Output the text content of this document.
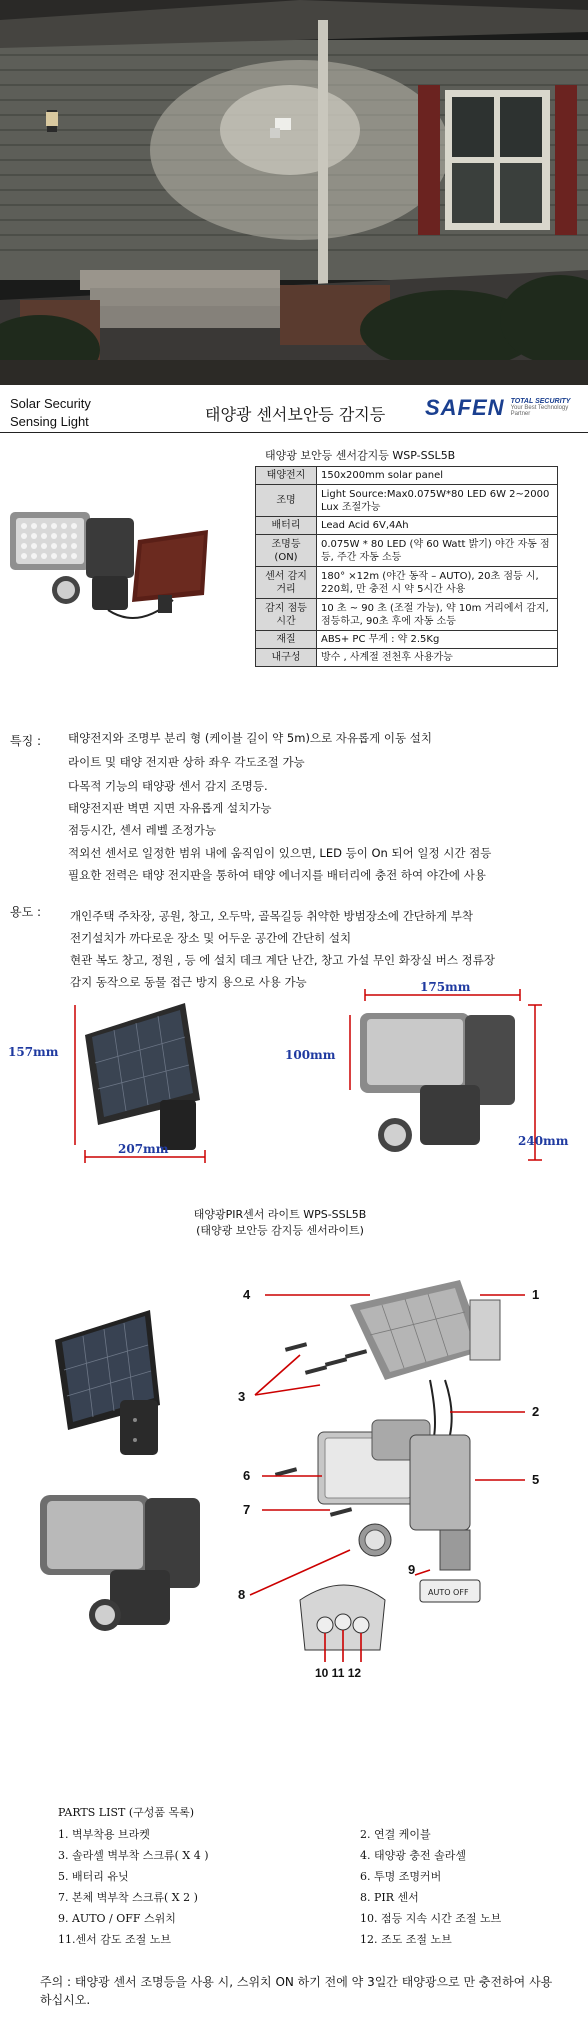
Solar Security
Sensing Light	태양광 센서보안등 감지등 SAFEN TOTAL SECURITY
Your Best Technology Partner
태양광 보안등 센서감지등 WSP-SSL5B
태양전지	150x200mm solar panel
조명	Light Source:Max0.075W*80 LED 6W 2~2000 Lux 조절가능
배터리	Lead Acid 6V,4Ah
조명등 (ON)	0.075W * 80 LED (약 60 Watt 밝기) 야간 자동 점등, 주간 자동 소등
센서 감지 거리	180° ×12m (야간 동작 – AUTO), 20초 점등 시, 220회, 만 충전 시 약 5시간 사용
감지 점등 시간	10 초 ~ 90 초 (조절 가능), 약 10m 거리에서 감지, 점등하고, 90초 후에 자동 소등
재질	ABS+ PC 무게 : 약 2.5Kg
내구성	방수 , 사계절 전천후 사용가능
특징 : 태양전지와 조명부 분리 형 (케이블 길이 약 5m)으로 자유롭게 이동 설치
라이트 및 태양 전지판 상하 좌우 각도조절 가능
다목적 기능의 태양광 센서 감지 조명등.
태양전지판 벽면 지면 자유롭게 설치가능
점등시간, 센서 레벨 조정가능
적외선 센서로 일정한 범위 내에 움직임이 있으면, LED 등이 On 되어 일정 시간 점등
필요한 전력은 태양 전지판을 통하여 태양 에너지를 배터리에 충전 하여 야간에 사용
용도 :	개인주택 주차장, 공원, 창고, 오두막, 골목길등 취약한 방범장소에 간단하게 부착
전기설치가 까다로운 장소 및 어두운 공간에 간단히 설치
현관 복도 창고, 정원 , 등 에 설치 데크 계단 난간, 창고 가설 무인 화장실 버스 정류장
감지 동작으로 동물 접근 방지 용으로 사용 가능
157mm
207mm
175mm
100mm
240mm
태양광PIR센서 라이트 WPS-SSL5B
(태양광 보안등 감지등 센서라이트)
AUTO OFF
4	1
3
2
6	5
7
8
9
10 11 12
PARTS LIST (구성품 목록)
1. 벽부착용 브라켓
3. 솔라셀 벽부착 스크류( X 4 )
5. 배터리 유닛
7. 본체 벽부착 스크류( X 2 )
9. AUTO / OFF 스위치
11.센서 감도 조절 노브
2. 연결 케이블
4. 태양광 충전 솔라셀
6. 투명 조명커버
8. PIR 센서
10. 점등 지속 시간 조절 노브
12. 조도 조절 노브
주의 : 태양광 센서 조명등을 사용 시, 스위치 ON 하기 전에 약 3일간 태양광으로 만 충전하여 사용하십시오.
